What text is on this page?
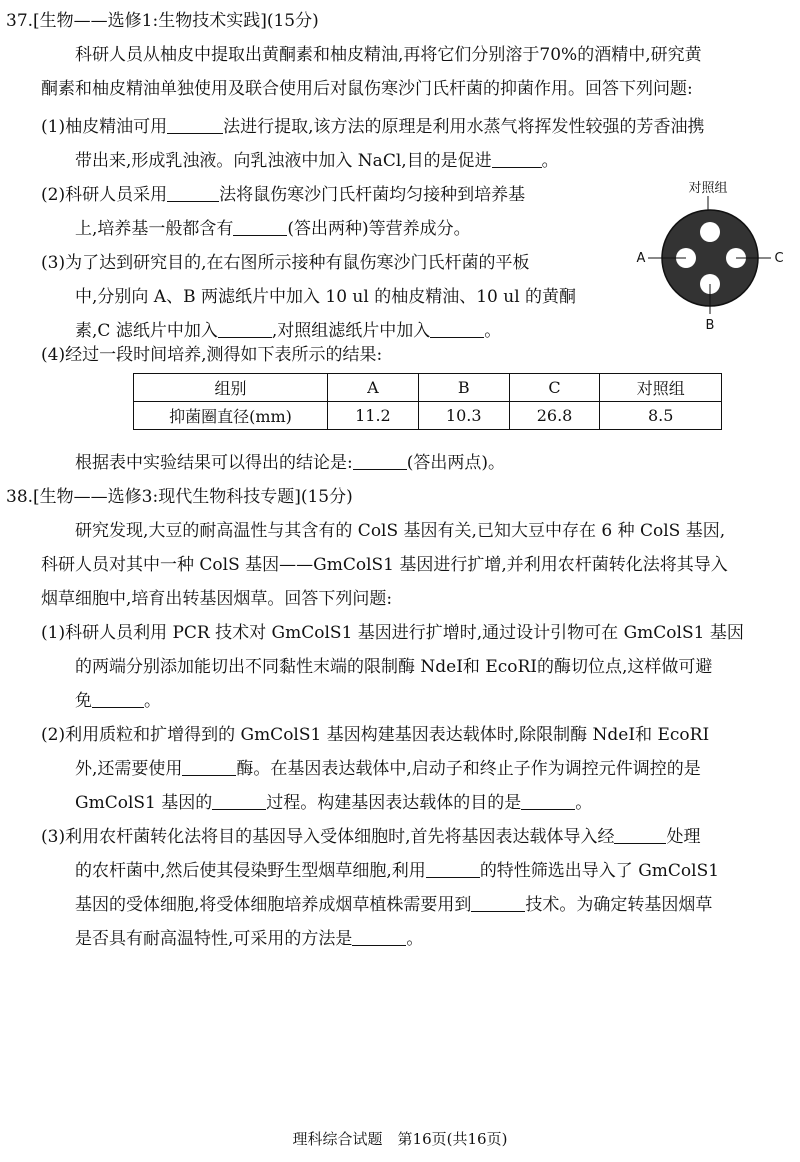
37.[生物——选修1:生物技术实践](15分)
科研人员从柚皮中提取出黄酮素和柚皮精油,再将它们分别溶于70%的酒精中,研究黄
酮素和柚皮精油单独使用及联合使用后对鼠伤寒沙门氏杆菌的抑菌作用。回答下列问题:
(1)柚皮精油可用	法进行提取,该方法的原理是利用水蒸气将挥发性较强的芳香油携
带出来,形成乳浊液。向乳浊液中加入 NaCl,目的是促进	。
(2)科研人员采用	法将鼠伤寒沙门氏杆菌均匀接种到培养基
上,培养基一般都含有	(答出两种)等营养成分。
(3)为了达到研究目的,在右图所示接种有鼠伤寒沙门氏杆菌的平板
中,分别向 A、B 两滤纸片中加入 10 ul 的柚皮精油、10 ul 的黄酮
素,C 滤纸片中加入	,对照组滤纸片中加入	。
对照组
A	C
B
(4)经过一段时间培养,测得如下表所示的结果:
组别	A	B	C	对照组
抑菌圈直径(mm)	11.2	10.3	26.8	8.5
根据表中实验结果可以得出的结论是:	(答出两点)。
38.[生物——选修3:现代生物科技专题](15分)
研究发现,大豆的耐高温性与其含有的 ColS 基因有关,已知大豆中存在 6 种 ColS 基因,
科研人员对其中一种 ColS 基因——GmColS1 基因进行扩增,并利用农杆菌转化法将其导入
烟草细胞中,培育出转基因烟草。回答下列问题:
(1)科研人员利用 PCR 技术对 GmColS1 基因进行扩增时,通过设计引物可在 GmColS1 基因
的两端分别添加能切出不同黏性末端的限制酶 NdeⅠ和 EcoRⅠ的酶切位点,这样做可避
免	。
(2)利用质粒和扩增得到的 GmColS1 基因构建基因表达载体时,除限制酶 NdeⅠ和 EcoRⅠ
外,还需要使用	酶。在基因表达载体中,启动子和终止子作为调控元件调控的是
GmColS1 基因的	过程。构建基因表达载体的目的是	。
(3)利用农杆菌转化法将目的基因导入受体细胞时,首先将基因表达载体导入经	处理
的农杆菌中,然后使其侵染野生型烟草细胞,利用	的特性筛选出导入了 GmColS1
基因的受体细胞,将受体细胞培养成烟草植株需要用到	技术。为确定转基因烟草
是否具有耐高温特性,可采用的方法是	。
理科综合试题　第16页(共16页)
